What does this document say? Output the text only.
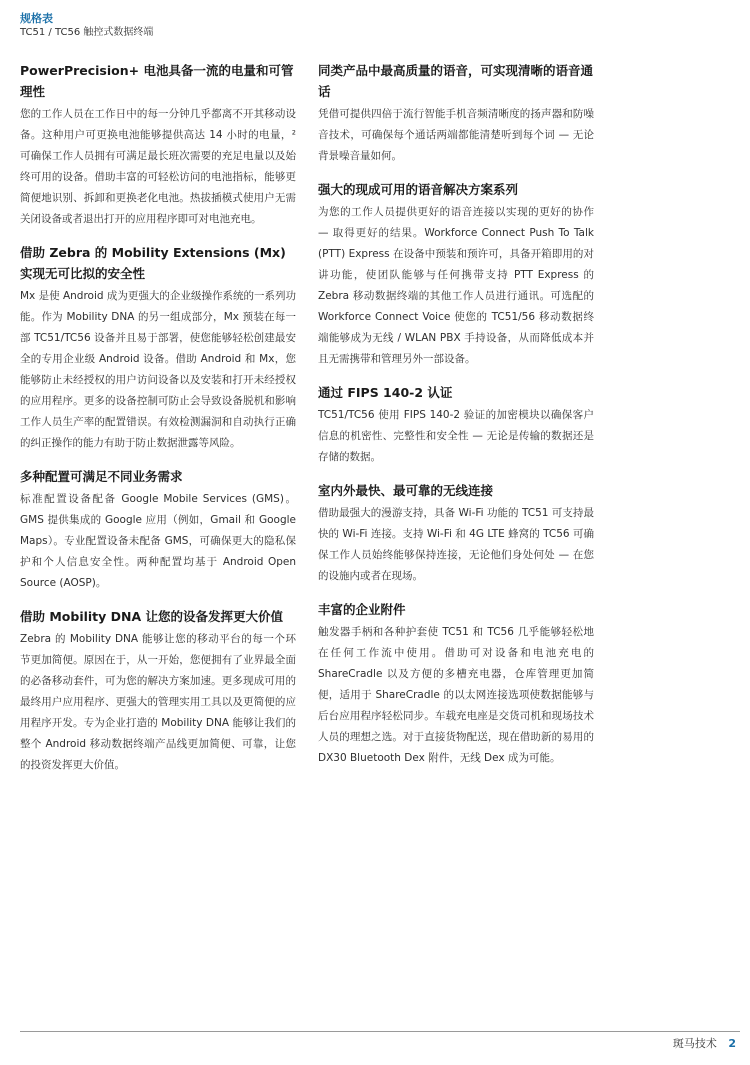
规格表
TC51 / TC56 触控式数据终端
PowerPrecision+ 电池具备一流的电量和可管理性

您的工作人员在工作日中的每一分钟几乎都离不开其移动设备。这种用户可更换电池能够提供高达 14 小时的电量，² 可确保工作人员拥有可满足最长班次需要的充足电量以及始终可用的设备。借助丰富的可轻松访问的电池指标，能够更简便地识别、拆卸和更换老化电池。热拔插模式使用户无需关闭设备或者退出打开的应用程序即可对电池充电。

借助 Zebra 的 Mobility Extensions (Mx) 实现无可比拟的安全性

Mx 是使 Android 成为更强大的企业级操作系统的一系列功能。作为 Mobility DNA 的另一组成部分，Mx 预装在每一部 TC51/TC56 设备并且易于部署，使您能够轻松创建最安全的专用企业级 Android 设备。借助 Android 和 Mx，您能够防止未经授权的用户访问设备以及安装和打开未经授权的应用程序。更多的设备控制可防止会导致设备脱机和影响工作人员生产率的配置错误。有效检测漏洞和自动执行正确的纠正操作的能力有助于防止数据泄露等风险。

多种配置可满足不同业务需求

标准配置设备配备 Google Mobile Services (GMS)。GMS 提供集成的 Google 应用（例如，Gmail 和 Google Maps）。专业配置设备未配备 GMS，可确保更大的隐私保护和个人信息安全性。两种配置均基于 Android Open Source (AOSP)。

借助 Mobility DNA 让您的设备发挥更大价值

Zebra 的 Mobility DNA 能够让您的移动平台的每一个环节更加简便。原因在于，从一开始，您便拥有了业界最全面的必备移动套件，可为您的解决方案加速。更多现成可用的最终用户应用程序、更强大的管理实用工具以及更简便的应用程序开发。专为企业打造的 Mobility DNA 能够让我们的整个 Android 移动数据终端产品线更加简便、可靠，让您的投资发挥更大价值。

同类产品中最高质量的语音，可实现清晰的语音通话

凭借可提供四倍于流行智能手机音频清晰度的扬声器和防噪音技术，可确保每个通话两端都能清楚听到每个词 — 无论背景噪音量如何。

强大的现成可用的语音解决方案系列

为您的工作人员提供更好的语音连接以实现的更好的协作 — 取得更好的结果。Workforce Connect Push To Talk (PTT) Express 在设备中预装和预许可，具备开箱即用的对讲功能，使团队能够与任何携带支持 PTT Express 的 Zebra 移动数据终端的其他工作人员进行通讯。可选配的 Workforce Connect Voice 使您的 TC51/56 移动数据终端能够成为无线 / WLAN PBX 手持设备，从而降低成本并且无需携带和管理另外一部设备。

通过 FIPS 140-2 认证

TC51/TC56 使用 FIPS 140-2 验证的加密模块以确保客户信息的机密性、完整性和安全性 — 无论是传输的数据还是存储的数据。

室内外最快、最可靠的无线连接

借助最强大的漫游支持，具备 Wi-Fi 功能的 TC51 可支持最快的 Wi-Fi 连接。支持 Wi-Fi 和 4G LTE 蜂窝的 TC56 可确保工作人员始终能够保持连接，无论他们身处何处 — 在您的设施内或者在现场。

丰富的企业附件

触发器手柄和各种护套使 TC51 和 TC56 几乎能够轻松地在任何工作流中使用。借助可对设备和电池充电的 ShareCradle 以及方便的多槽充电器，仓库管理更加简便，适用于 ShareCradle 的以太网连接选项使数据能够与后台应用程序轻松同步。车载充电座是交货司机和现场技术人员的理想之选。对于直接货物配送，现在借助新的易用的 DX30 Bluetooth Dex 附件，无线 Dex 成为可能。

斑马技术 2
